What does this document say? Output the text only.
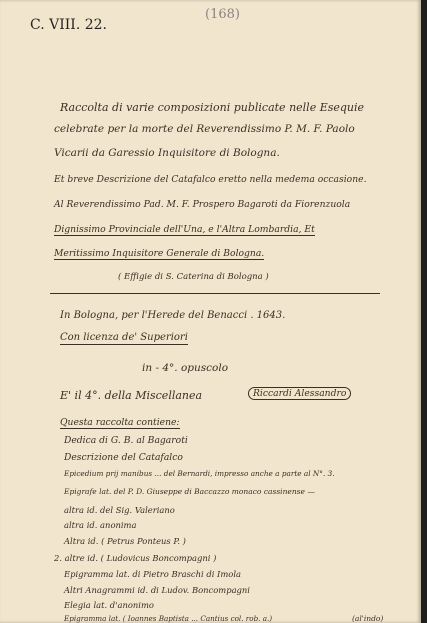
C. VIII. 22.
(168)
Raccolta di varie composizioni publicate nelle Esequie
celebrate per la morte del Reverendissimo P. M. F. Paolo
Vicarii da Garessio Inquisitore di Bologna.
Et breve Descrizione del Catafalco eretto nella medema occasione.
Al Reverendissimo Pad. M. F. Prospero Bagaroti da Fiorenzuola
Dignissimo Provinciale dell'Una, e l'Altra Lombardia, Et
Meritissimo Inquisitore Generale di Bologna.
( Effigie di S. Caterina di Bologna )
In Bologna, per l'Herede del Benacci . 1643.
Con licenza de' Superiori
in - 4°. opuscolo
E' il 4°. della Miscellanea	Riccardi Alessandro
Questa raccolta contiene:
Dedica di G. B. al Bagaroti
Descrizione del Catafalco
Epicedium prij manibus ... del Bernardi, impresso anche a parte al N°. 3.
Epigrafe lat. del P. D. Giuseppe di Baccazzo monaco cassinense —
altra id. del Sig. Valeriano
altra id. anonima
Altra id. ( Petrus Ponteus P. )
2. altre id. ( Ludovicus Boncompagni )
Epigramma lat. di Pietro Braschi di Imola
Altri Anagrammi id. di Ludov. Boncompagni
Elegia lat. d'anonimo
Epigramma lat. ( Ioannes Baptista ... Cantius col. rob. a.)	(al'indo)
